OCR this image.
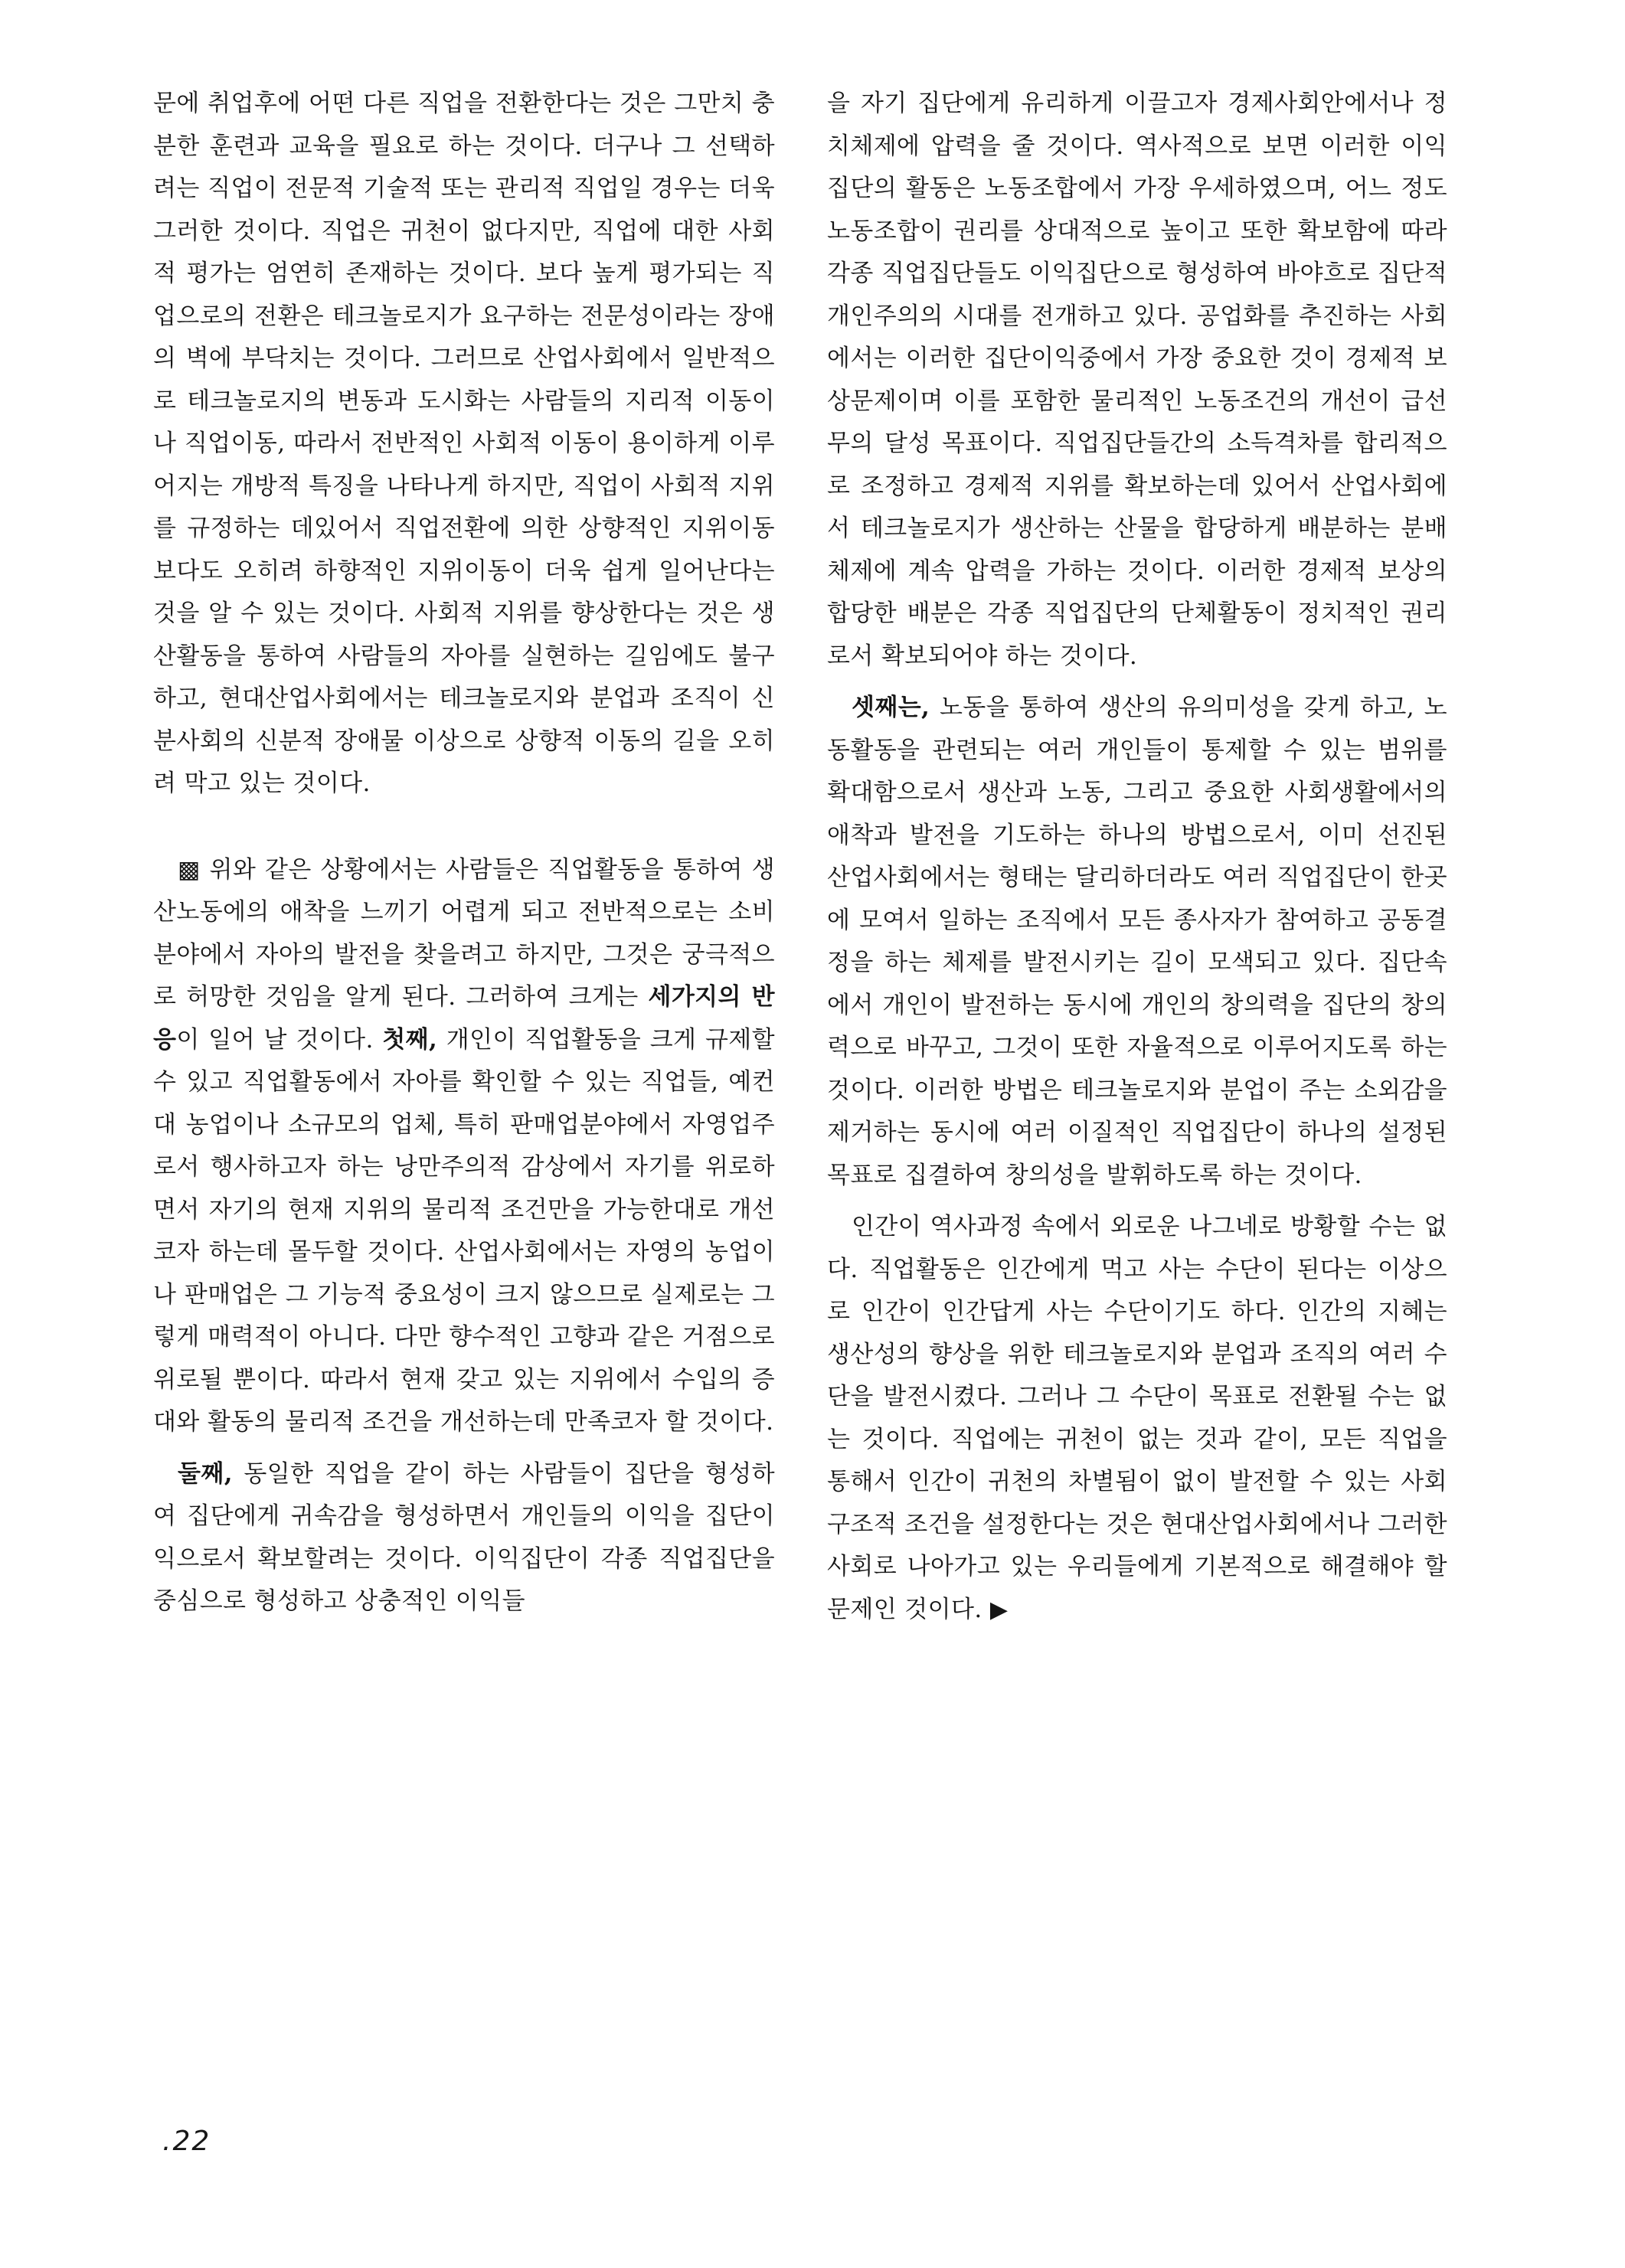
문에 취업후에 어떤 다른 직업을 전환한다는 것은 그만치 충분한 훈련과 교육을 필요로 하는 것이다. 더구나 그 선택하려는 직업이 전문적 기술적 또는 관리적 직업일 경우는 더욱 그러한 것이다. 직업은 귀천이 없다지만, 직업에 대한 사회적 평가는 엄연히 존재하는 것이다. 보다 높게 평가되는 직업으로의 전환은 테크놀로지가 요구하는 전문성이라는 장애의 벽에 부닥치는 것이다. 그러므로 산업사회에서 일반적으로 테크놀로지의 변동과 도시화는 사람들의 지리적 이동이나 직업이동, 따라서 전반적인 사회적 이동이 용이하게 이루어지는 개방적 특징을 나타나게 하지만, 직업이 사회적 지위를 규정하는 데있어서 직업전환에 의한 상향적인 지위이동보다도 오히려 하향적인 지위이동이 더욱 쉽게 일어난다는 것을 알 수 있는 것이다. 사회적 지위를 향상한다는 것은 생산활동을 통하여 사람들의 자아를 실현하는 길임에도 불구하고, 현대산업사회에서는 테크놀로지와 분업과 조직이 신분사회의 신분적 장애물 이상으로 상향적 이동의 길을 오히려 막고 있는 것이다.

▩ 위와 같은 상황에서는 사람들은 직업활동을 통하여 생산노동에의 애착을 느끼기 어렵게 되고 전반적으로는 소비분야에서 자아의 발전을 찾을려고 하지만, 그것은 궁극적으로 허망한 것임을 알게 된다. 그러하여 크게는 세가지의 반응이 일어 날 것이다. 첫째, 개인이 직업활동을 크게 규제할 수 있고 직업활동에서 자아를 확인할 수 있는 직업들, 예컨대 농업이나 소규모의 업체, 특히 판매업분야에서 자영업주로서 행사하고자 하는 낭만주의적 감상에서 자기를 위로하면서 자기의 현재 지위의 물리적 조건만을 가능한대로 개선코자 하는데 몰두할 것이다. 산업사회에서는 자영의 농업이나 판매업은 그 기능적 중요성이 크지 않으므로 실제로는 그렇게 매력적이 아니다. 다만 향수적인 고향과 같은 거점으로 위로될 뿐이다. 따라서 현재 갖고 있는 지위에서 수입의 증대와 활동의 물리적 조건을 개선하는데 만족코자 할 것이다.

둘째, 동일한 직업을 같이 하는 사람들이 집단을 형성하여 집단에게 귀속감을 형성하면서 개인들의 이익을 집단이익으로서 확보할려는 것이다. 이익집단이 각종 직업집단을 중심으로 형성하고 상충적인 이익들

을 자기 집단에게 유리하게 이끌고자 경제사회안에서나 정치체제에 압력을 줄 것이다. 역사적으로 보면 이러한 이익집단의 활동은 노동조합에서 가장 우세하였으며, 어느 정도 노동조합이 권리를 상대적으로 높이고 또한 확보함에 따라 각종 직업집단들도 이익집단으로 형성하여 바야흐로 집단적 개인주의의 시대를 전개하고 있다. 공업화를 추진하는 사회에서는 이러한 집단이익중에서 가장 중요한 것이 경제적 보상문제이며 이를 포함한 물리적인 노동조건의 개선이 급선무의 달성 목표이다. 직업집단들간의 소득격차를 합리적으로 조정하고 경제적 지위를 확보하는데 있어서 산업사회에서 테크놀로지가 생산하는 산물을 합당하게 배분하는 분배체제에 계속 압력을 가하는 것이다. 이러한 경제적 보상의 합당한 배분은 각종 직업집단의 단체활동이 정치적인 권리로서 확보되어야 하는 것이다.

셋째는, 노동을 통하여 생산의 유의미성을 갖게 하고, 노동활동을 관련되는 여러 개인들이 통제할 수 있는 범위를 확대함으로서 생산과 노동, 그리고 중요한 사회생활에서의 애착과 발전을 기도하는 하나의 방법으로서, 이미 선진된 산업사회에서는 형태는 달리하더라도 여러 직업집단이 한곳에 모여서 일하는 조직에서 모든 종사자가 참여하고 공동결정을 하는 체제를 발전시키는 길이 모색되고 있다. 집단속에서 개인이 발전하는 동시에 개인의 창의력을 집단의 창의력으로 바꾸고, 그것이 또한 자율적으로 이루어지도록 하는 것이다. 이러한 방법은 테크놀로지와 분업이 주는 소외감을 제거하는 동시에 여러 이질적인 직업집단이 하나의 설정된 목표로 집결하여 창의성을 발휘하도록 하는 것이다.

인간이 역사과정 속에서 외로운 나그네로 방황할 수는 없다. 직업활동은 인간에게 먹고 사는 수단이 된다는 이상으로 인간이 인간답게 사는 수단이기도 하다. 인간의 지혜는 생산성의 향상을 위한 테크놀로지와 분업과 조직의 여러 수단을 발전시켰다. 그러나 그 수단이 목표로 전환될 수는 없는 것이다. 직업에는 귀천이 없는 것과 같이, 모든 직업을 통해서 인간이 귀천의 차별됨이 없이 발전할 수 있는 사회 구조적 조건을 설정한다는 것은 현대산업사회에서나 그러한 사회로 나아가고 있는 우리들에게 기본적으로 해결해야 할 문제인 것이다. ▶

.22
